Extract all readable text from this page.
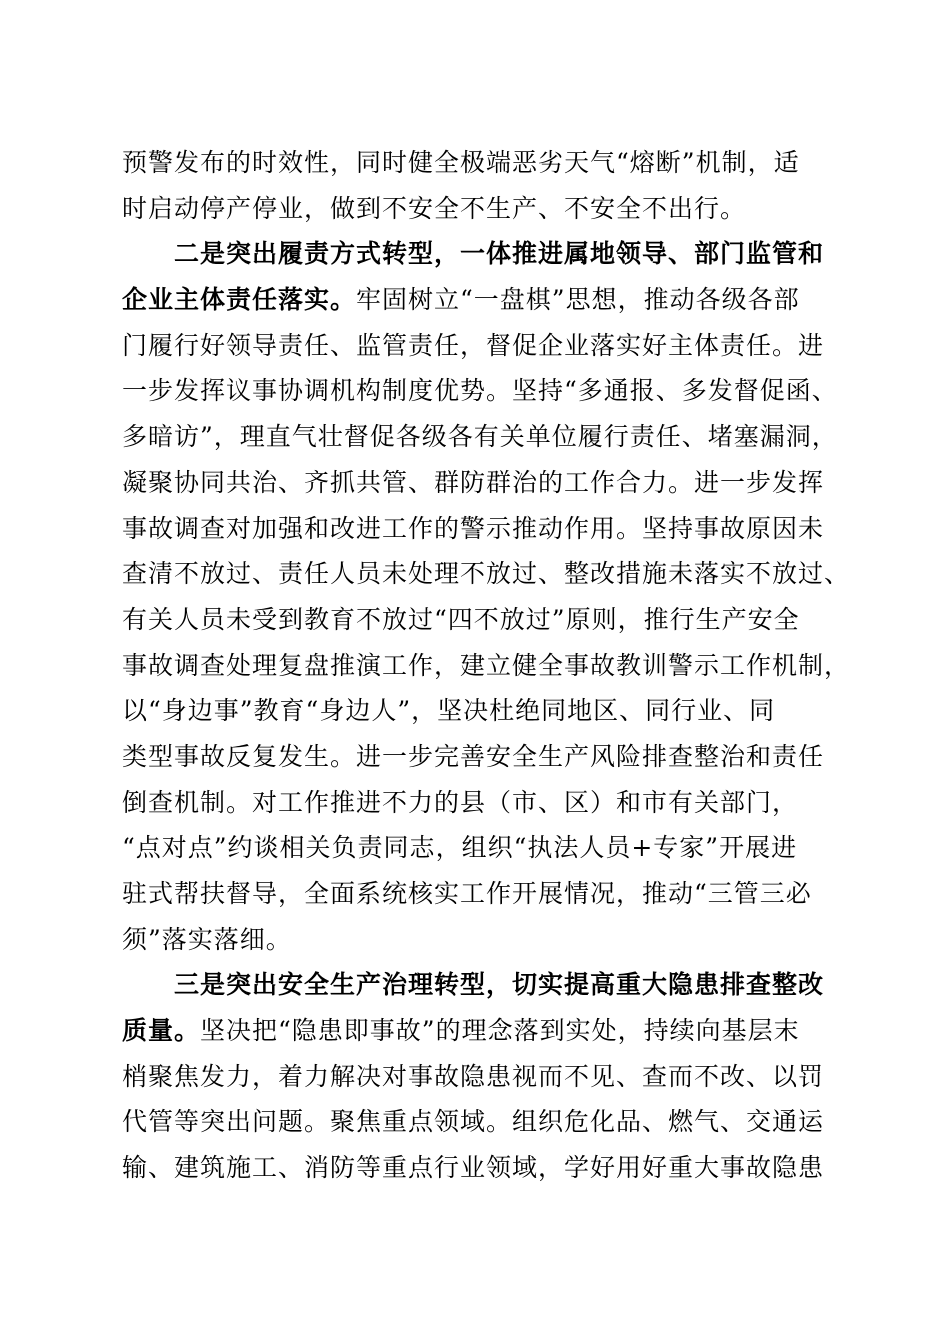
预警发布的时效性，同时健全极端恶劣天气“熔断”机制，适
时启动停产停业，做到不安全不生产、不安全不出行。
二是突出履责方式转型，一体推进属地领导、部门监管和
企业主体责任落实。牢固树立“一盘棋”思想，推动各级各部
门履行好领导责任、监管责任，督促企业落实好主体责任。进
一步发挥议事协调机构制度优势。坚持“多通报、多发督促函、
多暗访”，理直气壮督促各级各有关单位履行责任、堵塞漏洞，
凝聚协同共治、齐抓共管、群防群治的工作合力。进一步发挥
事故调查对加强和改进工作的警示推动作用。坚持事故原因未
查清不放过、责任人员未处理不放过、整改措施未落实不放过、
有关人员未受到教育不放过“四不放过”原则，推行生产安全
事故调查处理复盘推演工作，建立健全事故教训警示工作机制，
以“身边事”教育“身边人”，坚决杜绝同地区、同行业、同
类型事故反复发生。进一步完善安全生产风险排查整治和责任
倒查机制。对工作推进不力的县（市、区）和市有关部门，
“点对点”约谈相关负责同志，组织“执法人员+专家”开展进
驻式帮扶督导，全面系统核实工作开展情况，推动“三管三必
须”落实落细。
三是突出安全生产治理转型，切实提高重大隐患排查整改
质量。坚决把“隐患即事故”的理念落到实处，持续向基层末
梢聚焦发力，着力解决对事故隐患视而不见、查而不改、以罚
代管等突出问题。聚焦重点领域。组织危化品、燃气、交通运
输、建筑施工、消防等重点行业领域，学好用好重大事故隐患
